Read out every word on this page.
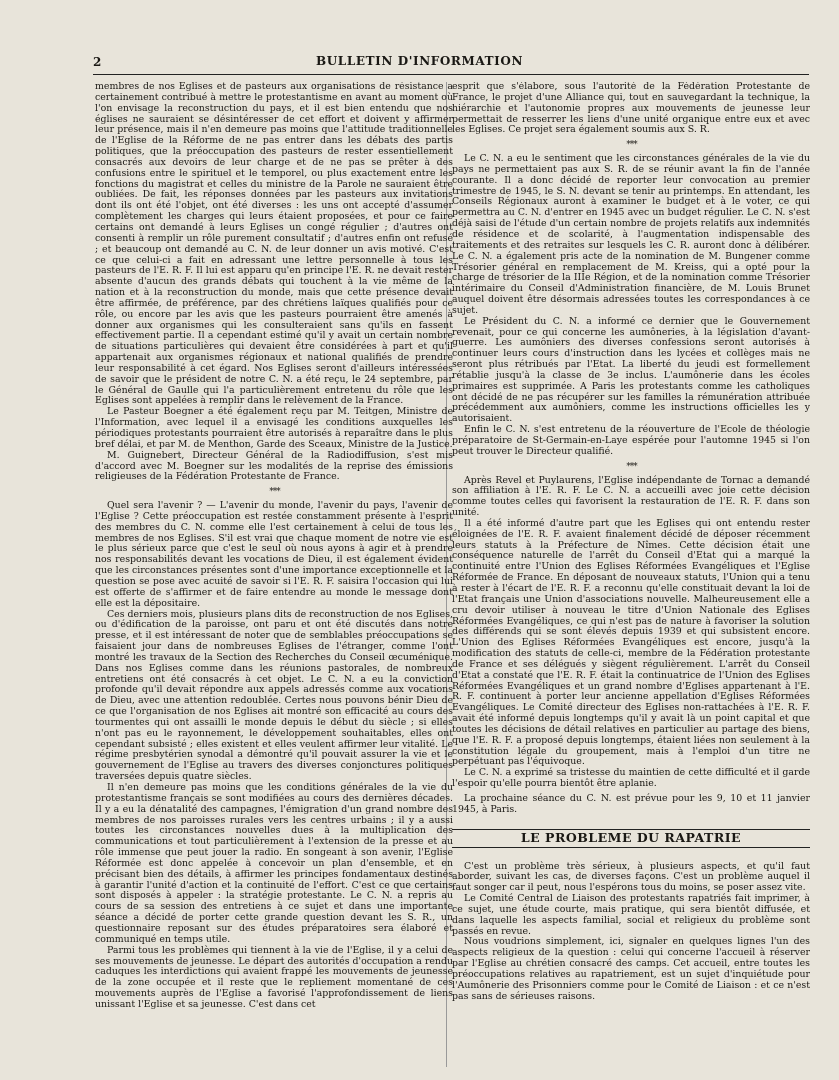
2	BULLETIN D'INFORMATION

membres de nos Eglises et de pasteurs aux organisations de résistance a certainement contribué à mettre le protestantisme en avant au moment où l'on envisage la reconstruction du pays, et il est bien entendu que nos églises ne sauraient se désintéresser de cet effort et doivent y affirmer leur présence, mais il n'en demeure pas moins que l'attitude traditionnelle de l'Eglise de la Réforme de ne pas entrer dans les débats des partis politiques, que la préoccupation des pasteurs de rester essentiellement consacrés aux devoirs de leur charge et de ne pas se prêter à des confusions entre le spirituel et le temporel, ou plus exactement entre les fonctions du magistrat et celles du ministre de la Parole ne sauraient être oubliées. De fait, les réponses données par les pasteurs aux invitations dont ils ont été l'objet, ont été diverses : les uns ont accepté d'assumer complètement les charges qui leurs étaient proposées, et pour ce faire certains ont demandé à leurs Eglises un congé régulier ; d'autres ont consenti à remplir un rôle purement consultatif ; d'autres enfin ont refusé ; et beaucoup ont demandé au C. N. de leur donner un avis motivé. C'est ce que celui-ci a fait en adressant une lettre personnelle à tous les pasteurs de l'E. R. F. Il lui est apparu qu'en principe l'E. R. ne devait rester absente d'aucun des grands débats qui touchent à la vie même de la nation et à la reconstruction du monde, mais que cette présence devait être affirmée, de préférence, par des chrétiens laïques qualifiés pour ce rôle, ou encore par les avis que les pasteurs pourraient être amenés à donner aux organismes qui les consulteraient sans qu'ils en fassent effectivement partie. Il a cependant estimé qu'il y avait un certain nombre de situations particulières qui devaient être considérées à part et qu'il appartenait aux organismes régionaux et national qualifiés de prendre leur responsabilité à cet égard. Nos Eglises seront d'ailleurs intéressées de savoir que le président de notre C. N. a été reçu, le 24 septembre, par le Général de Gaulle qui l'a particulièrement entretenu du rôle que les Eglises sont appelées à remplir dans le relèvement de la France.

Le Pasteur Boegner a été également reçu par M. Teitgen, Ministre de l'Information, avec lequel il a envisagé les conditions auxquelles les périodiques protestants pourraient être autorisés à reparaître dans le plus bref délai, et par M. de Menthon, Garde des Sceaux, Ministre de la Justice.

M. Guignebert, Directeur Général de la Radiodiffusion, s'est mis d'accord avec M. Boegner sur les modalités de la reprise des émissions religieuses de la Fédération Protestante de France.

* * *

Quel sera l'avenir ? — L'avenir du monde, l'avenir du pays, l'avenir de l'Eglise ? Cette préoccupation est restée constamment présente à l'esprit des membres du C. N. comme elle l'est certainement à celui de tous les membres de nos Eglises. S'il est vrai que chaque moment de notre vie est le plus sérieux parce que c'est le seul où nous ayons à agir et à prendre nos responsabilités devant les vocations de Dieu, il est également évident que les circonstances présentes sont d'une importance exceptionnelle et la question se pose avec acuité de savoir si l'E. R. F. saisira l'occasion qui lui est offerte de s'affirmer et de faire entendre au monde le message dont elle est la dépositaire.

Ces derniers mois, plusieurs plans dits de reconstruction de nos Eglises, ou d'édification de la paroisse, ont paru et ont été discutés dans notre presse, et il est intéressant de noter que de semblables préoccupations se faisaient jour dans de nombreuses Eglises de l'étranger, comme l'ont montré les travaux de la Section des Recherches du Conseil œcuménique. Dans nos Eglises comme dans les réunions pastorales, de nombreux entretiens ont été consacrés à cet objet. Le C. N. a eu la conviction profonde qu'il devait répondre aux appels adressés comme aux vocations de Dieu, avec une attention redoublée. Certes nous pouvons bénir Dieu de ce que l'organisation de nos Eglises ait montré son efficacité au cours des tourmentes qui ont assailli le monde depuis le début du siècle ; si elles n'ont pas eu le rayonnement, le développement souhaitables, elles ont cependant subsisté ; elles existent et elles veulent affirmer leur vitalité. Le régime presbytérien synodal a démontré qu'il pouvait assurer la vie et le gouvernement de l'Eglise au travers des diverses conjonctures politiques traversées depuis quatre siècles.

Il n'en demeure pas moins que les conditions générales de la vie du protestantisme français se sont modifiées au cours des dernières décades. Il y a eu la dénatalité des campagnes, l'émigration d'un grand nombre des membres de nos paroisses rurales vers les centres urbains ; il y a aussi toutes les circonstances nouvelles dues à la multiplication des communications et tout particulièrement à l'extension de la presse et au rôle immense que peut jouer la radio. En songeant à son avenir, l'Eglise Réformée est donc appelée à concevoir un plan d'ensemble, et en précisant bien des détails, à affirmer les principes fondamentaux destinés à garantir l'unité d'action et la continuité de l'effort. C'est ce que certains sont disposés à appeler : la stratégie protestante. Le C. N. a repris au cours de sa session des entretiens à ce sujet et dans une importante séance a décidé de porter cette grande question devant les S. R., un questionnaire reposant sur des études préparatoires sera élaboré et communiqué en temps utile.

Parmi tous les problèmes qui tiennent à la vie de l'Eglise, il y a celui de ses mouvements de jeunesse. Le départ des autorités d'occupation a rendu caduques les interdictions qui avaient frappé les mouvements de jeunesse de la zone occupée et il reste que le repliement momentané de ces mouvements auprès de l'Eglise a favorisé l'approfondissement de liens unissant l'Eglise et sa jeunesse. C'est dans cet

esprit que s'élabore, sous l'autorité de la Fédération Protestante de France, le projet d'une Alliance qui, tout en sauvegardant la technique, la hiérarchie et l'autonomie propres aux mouvements de jeunesse leur permettait de resserrer les liens d'une unité organique entre eux et avec les Eglises. Ce projet sera également soumis aux S. R.

* * *

Le C. N. a eu le sentiment que les circonstances générales de la vie du pays ne permettaient pas aux S. R. de se réunir avant la fin de l'année courante. Il a donc décidé de reporter leur convocation au premier trimestre de 1945, le S. N. devant se tenir au printemps. En attendant, les Conseils Régionaux auront à examiner le budget et à le voter, ce qui permettra au C. N. d'entrer en 1945 avec un budget régulier. Le C. N. s'est déjà saisi de l'étude d'un certain nombre de projets relatifs aux indemnités de résidence et de scolarité, à l'augmentation indispensable des traitements et des retraites sur lesquels les C. R. auront donc à délibérer. Le C. N. a également pris acte de la nomination de M. Bungener comme Trésorier général en remplacement de M. Kreiss, qui a opté pour la charge de trésorier de la IIIe Région, et de la nomination comme Trésorier intérimaire du Conseil d'Administration financière, de M. Louis Brunet auquel doivent être désormais adressées toutes les correspondances à ce sujet.

Le Président du C. N. a informé ce dernier que le Gouvernement revenait, pour ce qui concerne les aumôneries, à la législation d'avant-guerre. Les aumôniers des diverses confessions seront autorisés à continuer leurs cours d'instruction dans les lycées et collèges mais ne seront plus rétribués par l'Etat. La liberté du jeudi est formellement rétablie jusqu'à la classe de 3e inclus. L'aumônerie dans les écoles primaires est supprimée. A Paris les protestants comme les catholiques ont décidé de ne pas récupérer sur les familles la rémunération attribuée précédemment aux aumôniers, comme les instructions officielles les y autorisaient.

Enfin le C. N. s'est entretenu de la réouverture de l'Ecole de théologie préparatoire de St-Germain-en-Laye espérée pour l'automne 1945 si l'on peut trouver le Directeur qualifié.

* * *

Après Revel et Puylaurens, l'Eglise indépendante de Tornac a demandé son affiliation à l'E. R. F. Le C. N. a accueilli avec joie cette décision comme toutes celles qui favorisent la restauration de l'E. R. F. dans son unité.

Il a été informé d'autre part que les Eglises qui ont entendu rester éloignées de l'E. R. F. avaient finalement décidé de déposer récemment leurs statuts à la Préfecture de Nîmes. Cette décision était une conséquence naturelle de l'arrêt du Conseil d'Etat qui a marqué la continuité entre l'Union des Eglises Réformées Evangéliques et l'Eglise Réformée de France. En déposant de nouveaux statuts, l'Union qui a tenu à rester à l'écart de l'E. R. F. a reconnu qu'elle constituait devant la loi de l'Etat français une Union d'associations nouvelle. Malheureusement elle a cru devoir utiliser à nouveau le titre d'Union Nationale des Eglises Réformées Evangéliques, ce qui n'est pas de nature à favoriser la solution des différends qui se sont élevés depuis 1939 et qui subsistent encore. L'Union des Eglises Réformées Evangéliques est encore, jusqu'à la modification des statuts de celle-ci, membre de la Fédération protestante de France et ses délégués y siègent régulièrement. L'arrêt du Conseil d'Etat a constaté que l'E. R. F. était la continuatrice de l'Union des Eglises Réformées Evangéliques et un grand nombre d'Eglises appartenant à l'E. R. F. continuent à porter leur ancienne appellation d'Eglises Réformées Evangéliques. Le Comité directeur des Eglises non-rattachées à l'E. R. F. avait été informé depuis longtemps qu'il y avait là un point capital et que toutes les décisions de détail relatives en particulier au partage des biens, que l'E. R. F. a proposé depuis longtemps, étaient liées non seulement à la constitution légale du groupement, mais à l'emploi d'un titre ne perpétuant pas l'équivoque.

Le C. N. a exprimé sa tristesse du maintien de cette difficulté et il garde l'espoir qu'elle pourra bientôt être aplanie.

La prochaine séance du C. N. est prévue pour les 9, 10 et 11 janvier 1945, à Paris.

LE PROBLEME DU RAPATRIE

C'est un problème très sérieux, à plusieurs aspects, et qu'il faut aborder, suivant les cas, de diverses façons. C'est un problème auquel il faut songer car il peut, nous l'espérons tous du moins, se poser assez vite.

Le Comité Central de Liaison des protestants rapatriés fait imprimer, à ce sujet, une étude courte, mais pratique, qui sera bientôt diffusée, et dans laquelle les aspects familial, social et religieux du problème sont passés en revue.

Nous voudrions simplement, ici, signaler en quelques lignes l'un des aspects religieux de la question : celui qui concerne l'accueil à réserver par l'Eglise au chrétien consacré des camps. Cet accueil, entre toutes les préoccupations relatives au rapatriement, est un sujet d'inquiétude pour l'Aumônerie des Prisonniers comme pour le Comité de Liaison : et ce n'est pas sans de sérieuses raisons.
